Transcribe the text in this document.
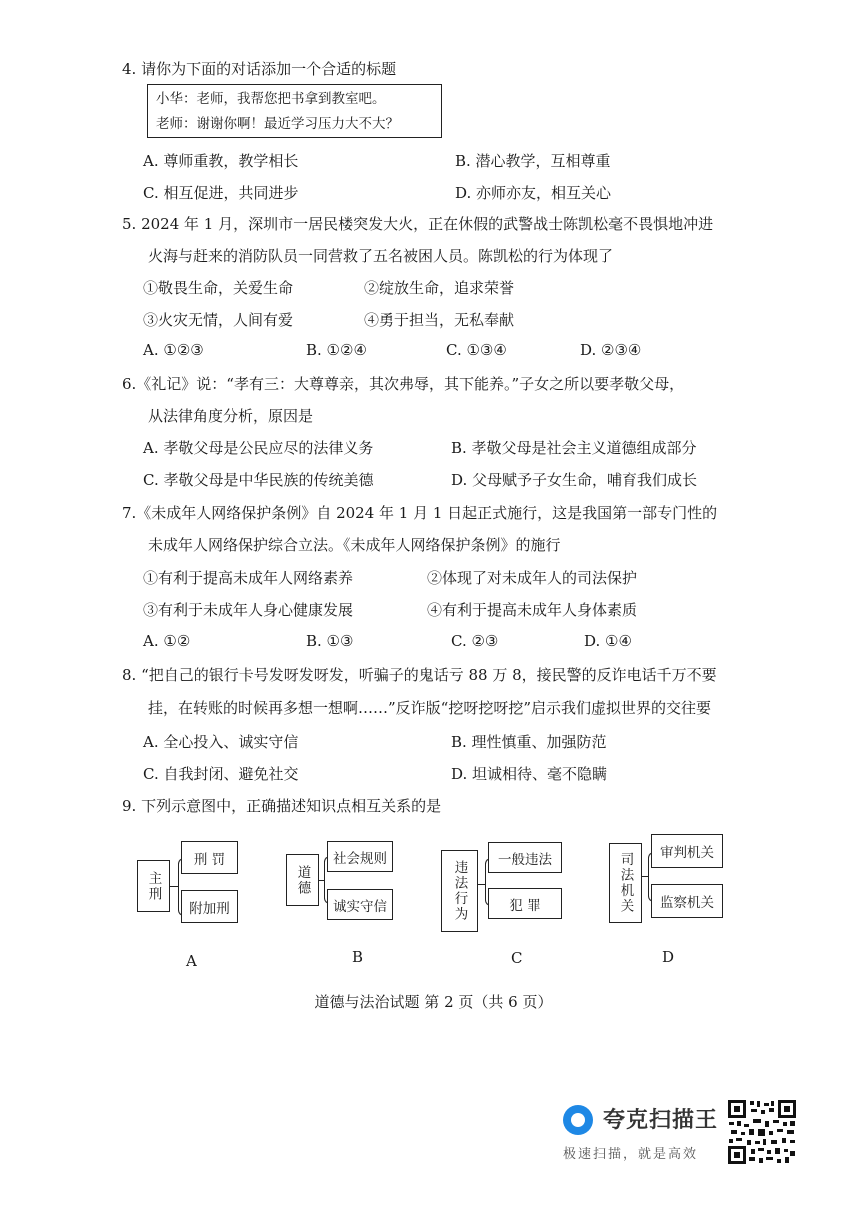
4. 请你为下面的对话添加一个合适的标题
小华：老师，我帮您把书拿到教室吧。
老师：谢谢你啊！最近学习压力大不大？
A. 尊师重教，教学相长	B. 潜心教学，互相尊重
C. 相互促进，共同进步	D. 亦师亦友，相互关心
5. 2024 年 1 月，深圳市一居民楼突发大火，正在休假的武警战士陈凯松毫不畏惧地冲进
火海与赶来的消防队员一同营救了五名被困人员。陈凯松的行为体现了
①敬畏生命，关爱生命	②绽放生命，追求荣誉
③火灾无情，人间有爱	④勇于担当，无私奉献
A. ①②③	B. ①②④	C. ①③④	D. ②③④
6.《礼记》说：“孝有三：大尊尊亲，其次弗辱，其下能养。”子女之所以要孝敬父母，
从法律角度分析，原因是
A. 孝敬父母是公民应尽的法律义务	B. 孝敬父母是社会主义道德组成部分
C. 孝敬父母是中华民族的传统美德	D. 父母赋予子女生命，哺育我们成长
7.《未成年人网络保护条例》自 2024 年 1 月 1 日起正式施行，这是我国第一部专门性的
未成年人网络保护综合立法。《未成年人网络保护条例》的施行
①有利于提高未成年人网络素养	②体现了对未成年人的司法保护
③有利于未成年人身心健康发展	④有利于提高未成年人身体素质
A. ①②	B. ①③	C. ②③	D. ①④
8. “把自己的银行卡号发呀发呀发，听骗子的鬼话亏 88 万 8，接民警的反诈电话千万不要
挂，在转账的时候再多想一想啊……”反诈版“挖呀挖呀挖”启示我们虚拟世界的交往要
A. 全心投入、诚实守信	B. 理性慎重、加强防范
C. 自我封闭、避免社交	D. 坦诚相待、毫不隐瞒
9. 下列示意图中，正确描述知识点相互关系的是
主刑
刑 罚
附加刑
A
道德
社会规则
诚实守信
B
违法行为
一般违法
犯 罪
C
司法机关	审判机关
监察机关
D
道德与法治试题 第 2 页（共 6 页）
夸克扫描王
极速扫描，就是高效
